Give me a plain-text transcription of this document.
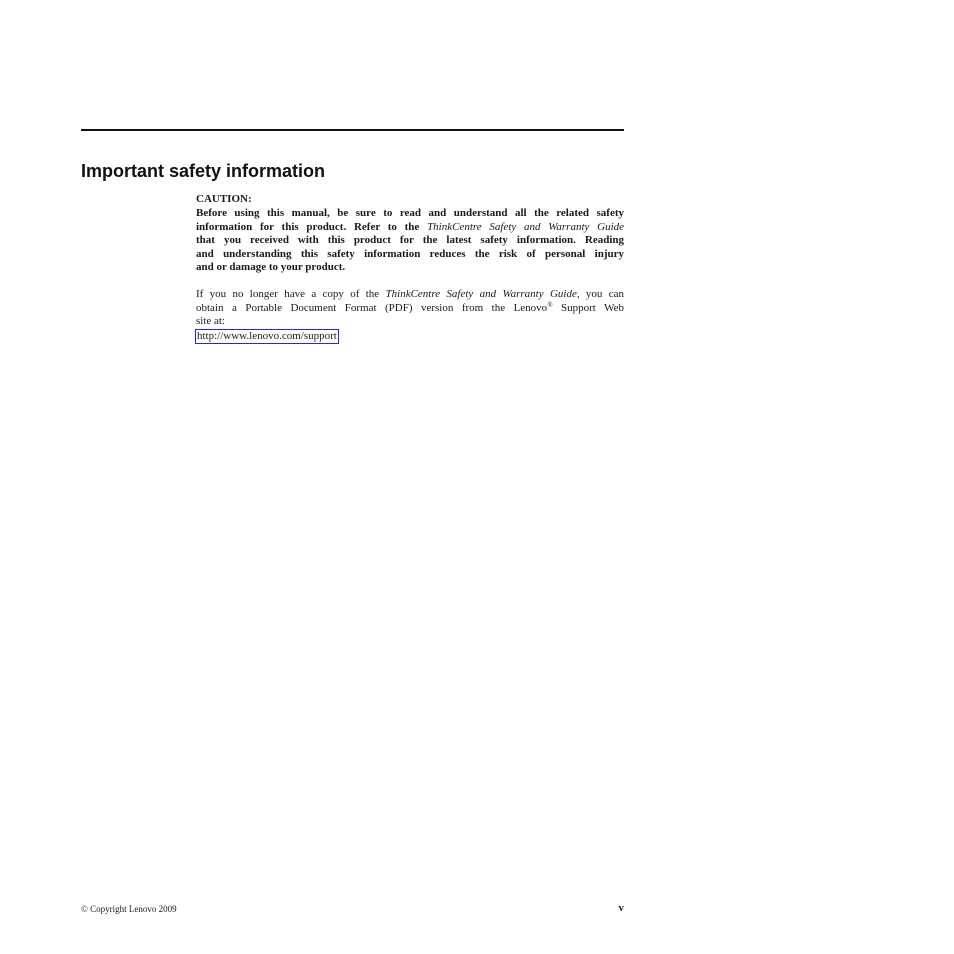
Important safety information
CAUTION:
Before using this manual, be sure to read and understand all the related safety
information for this product. Refer to the ThinkCentre Safety and Warranty Guide
that you received with this product for the latest safety information. Reading
and understanding this safety information reduces the risk of personal injury
and or damage to your product.
If you no longer have a copy of the ThinkCentre Safety and Warranty Guide, you can
obtain a Portable Document Format (PDF) version from the Lenovo® Support Web
site at:
http://www.lenovo.com/support
© Copyright Lenovo 2009	v
